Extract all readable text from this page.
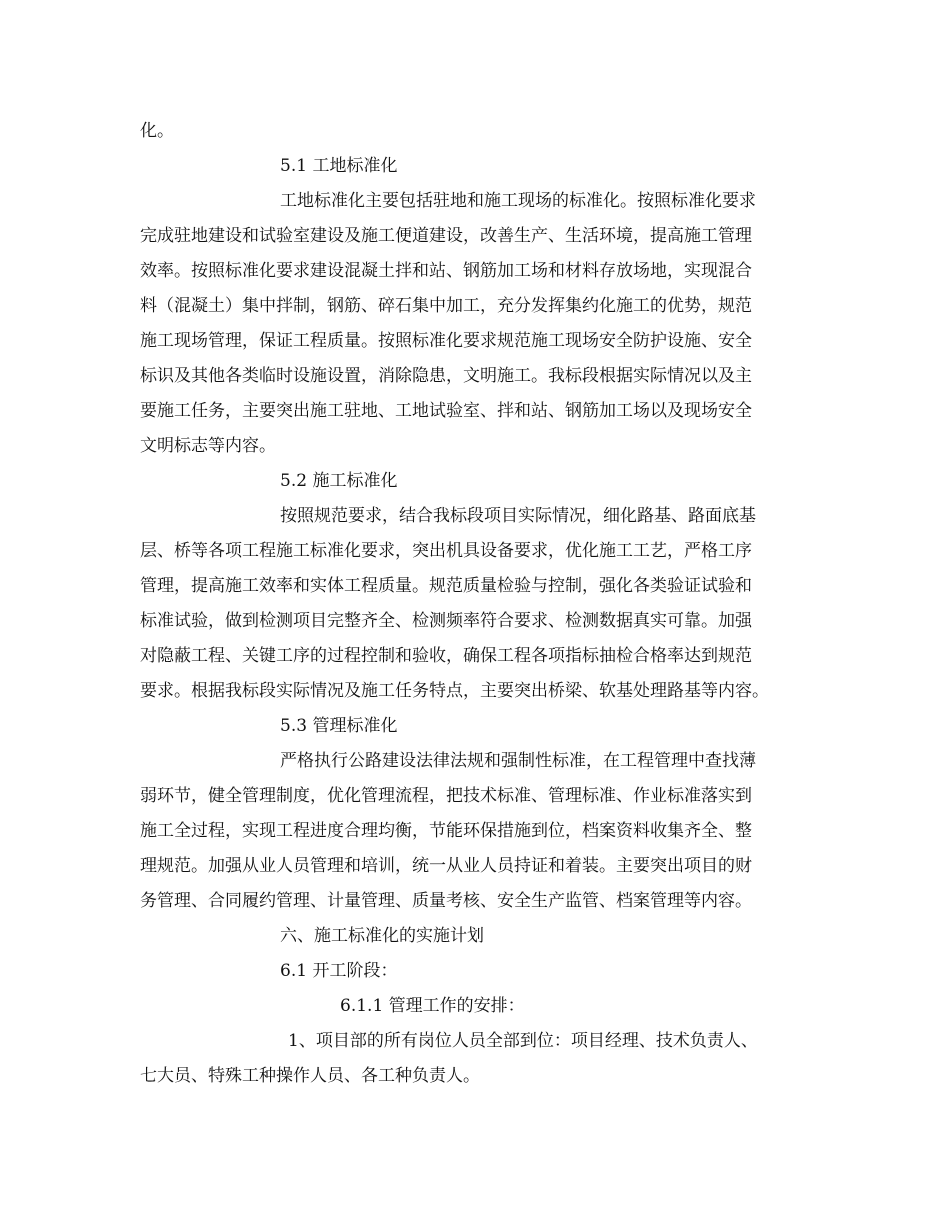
化。
5.1 工地标准化
工地标准化主要包括驻地和施工现场的标准化。按照标准化要求
完成驻地建设和试验室建设及施工便道建设，改善生产、生活环境，提高施工管理
效率。按照标准化要求建设混凝土拌和站、钢筋加工场和材料存放场地，实现混合
料（混凝土）集中拌制，钢筋、碎石集中加工，充分发挥集约化施工的优势，规范
施工现场管理，保证工程质量。按照标准化要求规范施工现场安全防护设施、安全
标识及其他各类临时设施设置，消除隐患，文明施工。我标段根据实际情况以及主
要施工任务，主要突出施工驻地、工地试验室、拌和站、钢筋加工场以及现场安全
文明标志等内容。
5.2 施工标准化
按照规范要求，结合我标段项目实际情况，细化路基、路面底基
层、桥等各项工程施工标准化要求，突出机具设备要求，优化施工工艺，严格工序
管理，提高施工效率和实体工程质量。规范质量检验与控制，强化各类验证试验和
标准试验，做到检测项目完整齐全、检测频率符合要求、检测数据真实可靠。加强
对隐蔽工程、关键工序的过程控制和验收，确保工程各项指标抽检合格率达到规范
要求。根据我标段实际情况及施工任务特点，主要突出桥梁、软基处理路基等内容。
5.3 管理标准化
严格执行公路建设法律法规和强制性标准，在工程管理中查找薄
弱环节，健全管理制度，优化管理流程，把技术标准、管理标准、作业标准落实到
施工全过程，实现工程进度合理均衡，节能环保措施到位，档案资料收集齐全、整
理规范。加强从业人员管理和培训，统一从业人员持证和着装。主要突出项目的财
务管理、合同履约管理、计量管理、质量考核、安全生产监管、档案管理等内容。
六、施工标准化的实施计划
6.1 开工阶段：
6.1.1 管理工作的安排：
1、项目部的所有岗位人员全部到位：项目经理、技术负责人、
七大员、特殊工种操作人员、各工种负责人。
